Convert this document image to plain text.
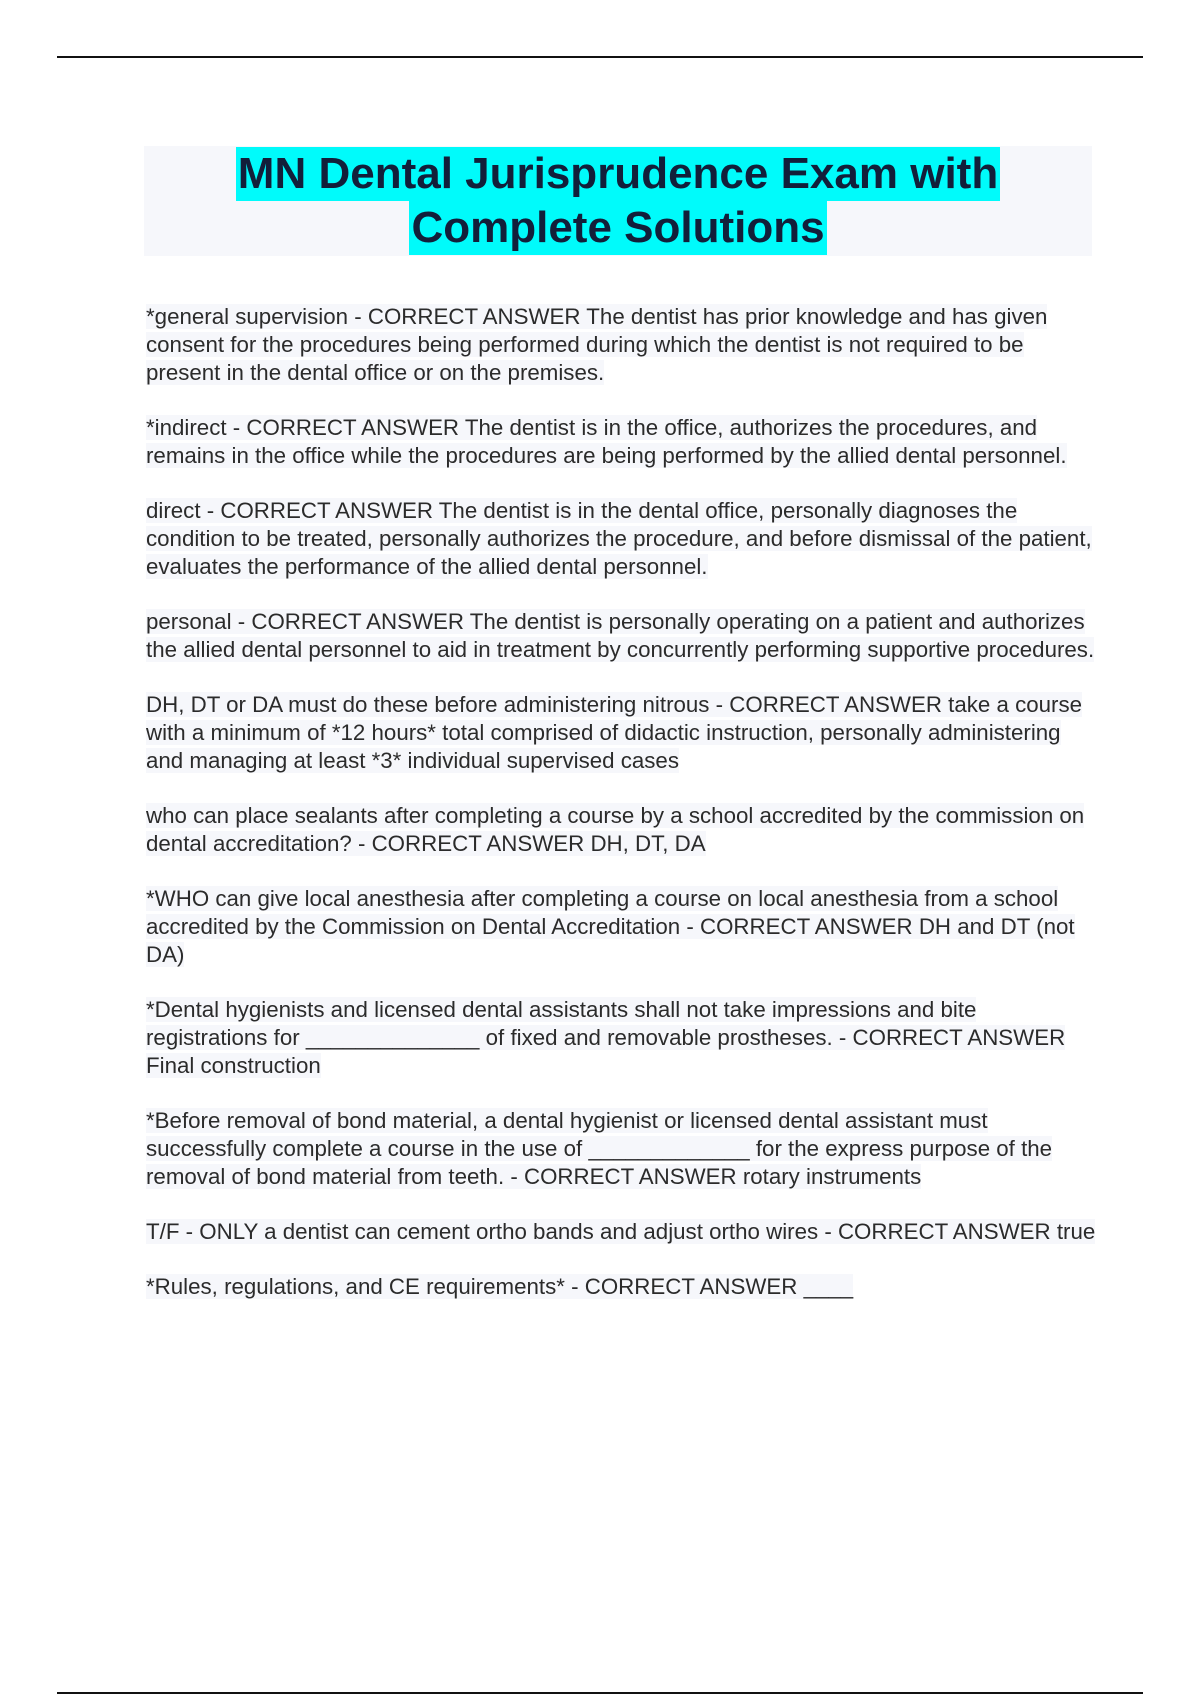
MN Dental Jurisprudence Exam with
Complete Solutions
*general supervision - CORRECT ANSWER The dentist has prior knowledge and has given consent for the procedures being performed during which the dentist is not required to be present in the dental office or on the premises.
*indirect - CORRECT ANSWER The dentist is in the office, authorizes the procedures, and remains in the office while the procedures are being performed by the allied dental personnel.
direct - CORRECT ANSWER The dentist is in the dental office, personally diagnoses the condition to be treated, personally authorizes the procedure, and before dismissal of the patient, evaluates the performance of the allied dental personnel.
personal - CORRECT ANSWER The dentist is personally operating on a patient and authorizes the allied dental personnel to aid in treatment by concurrently performing supportive procedures.
DH, DT or DA must do these before administering nitrous - CORRECT ANSWER take a course with a minimum of *12 hours* total comprised of didactic instruction, personally administering and managing at least *3* individual supervised cases
who can place sealants after completing a course by a school accredited by the commission on dental accreditation? - CORRECT ANSWER DH, DT, DA
*WHO can give local anesthesia after completing a course on local anesthesia from a school accredited by the Commission on Dental Accreditation - CORRECT ANSWER DH and DT (not DA)
*Dental hygienists and licensed dental assistants shall not take impressions and bite registrations for ______________ of fixed and removable prostheses. - CORRECT ANSWER Final construction
*Before removal of bond material, a dental hygienist or licensed dental assistant must successfully complete a course in the use of _____________ for the express purpose of the removal of bond material from teeth. - CORRECT ANSWER rotary instruments
T/F - ONLY a dentist can cement ortho bands and adjust ortho wires - CORRECT ANSWER true
*Rules, regulations, and CE requirements* - CORRECT ANSWER ____
